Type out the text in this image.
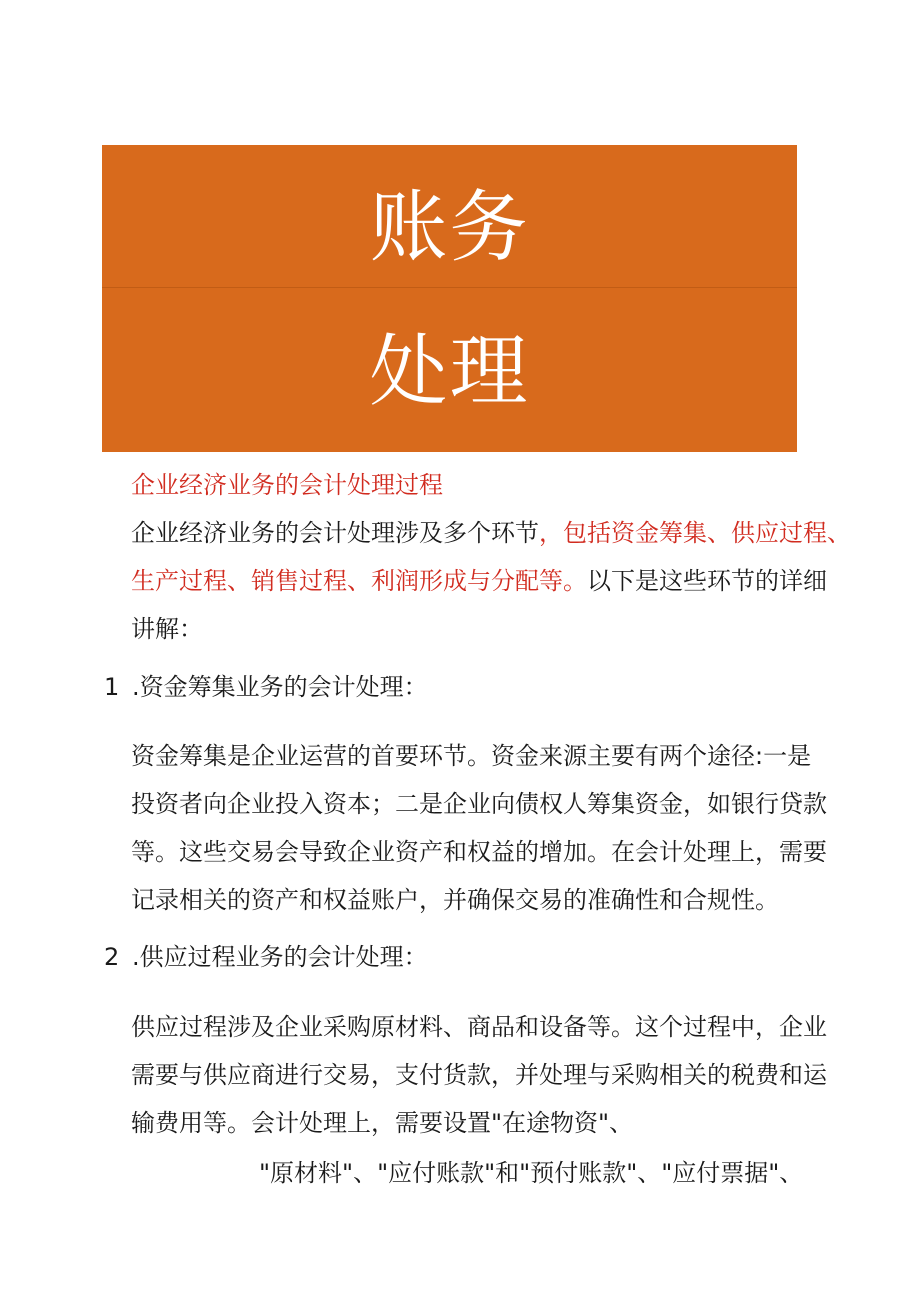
账务
处理
企业经济业务的会计处理过程
企业经济业务的会计处理涉及多个环节，包括资金筹集、供应过程、
生产过程、销售过程、利润形成与分配等。以下是这些环节的详细
讲解：
1 .资金筹集业务的会计处理：
资金筹集是企业运营的首要环节。资金来源主要有两个途径:一是
投资者向企业投入资本；二是企业向债权人筹集资金，如银行贷款
等。这些交易会导致企业资产和权益的增加。在会计处理上，需要
记录相关的资产和权益账户，并确保交易的准确性和合规性。
2 .供应过程业务的会计处理：
供应过程涉及企业采购原材料、商品和设备等。这个过程中，企业
需要与供应商进行交易，支付货款，并处理与采购相关的税费和运
输费用等。会计处理上，需要设置"在途物资"、
"原材料"、"应付账款"和"预付账款"、"应付票据"、
